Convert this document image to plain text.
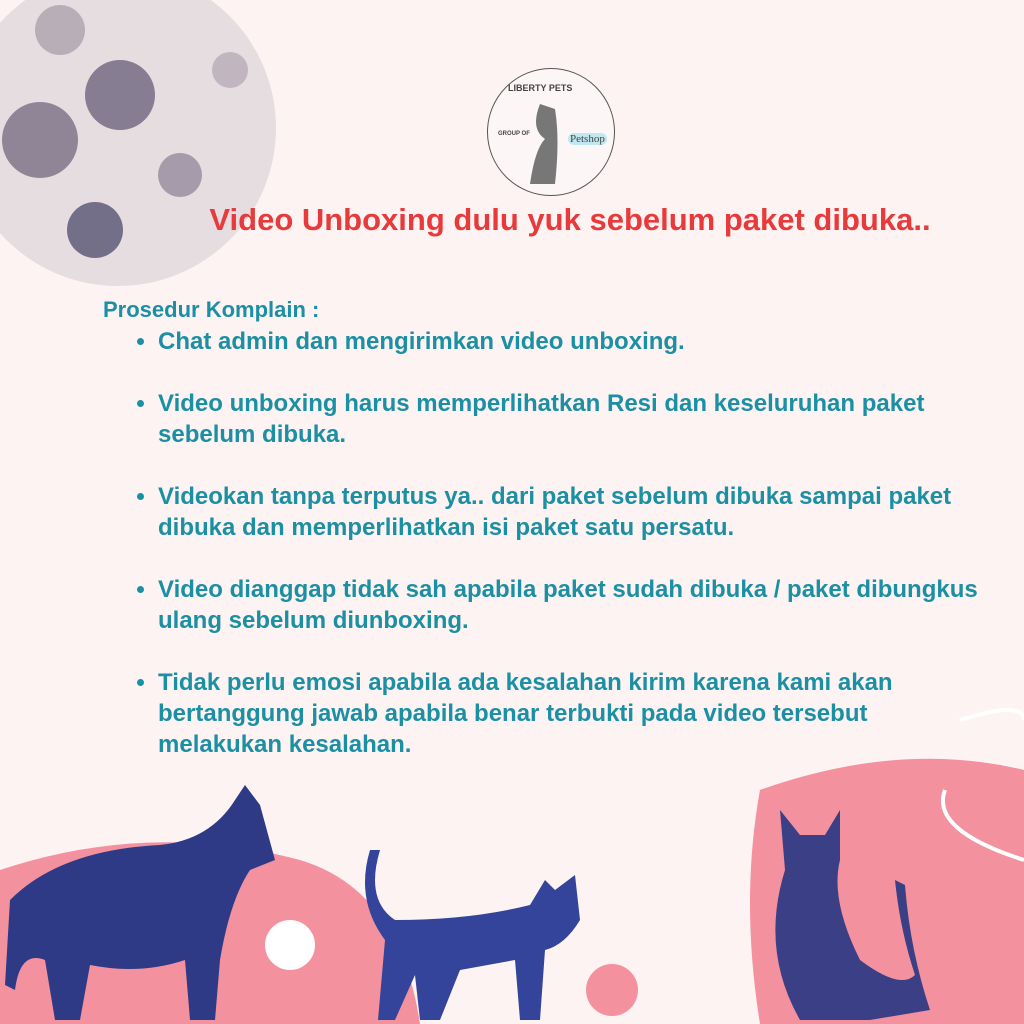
LIBERTY PETS
GROUP OF	Petshop
Video Unboxing dulu yuk sebelum paket dibuka..
Prosedur Komplain :
• Chat admin dan mengirimkan video unboxing.
• Video unboxing harus memperlihatkan Resi dan keseluruhan paket sebelum dibuka.
• Videokan tanpa terputus ya.. dari paket sebelum dibuka sampai paket dibuka dan memperlihatkan isi paket satu persatu.
• Video dianggap tidak sah apabila paket sudah dibuka / paket dibungkus ulang sebelum diunboxing.
• Tidak perlu emosi apabila ada kesalahan kirim karena kami akan bertanggung jawab apabila benar terbukti pada video tersebut melakukan kesalahan.
